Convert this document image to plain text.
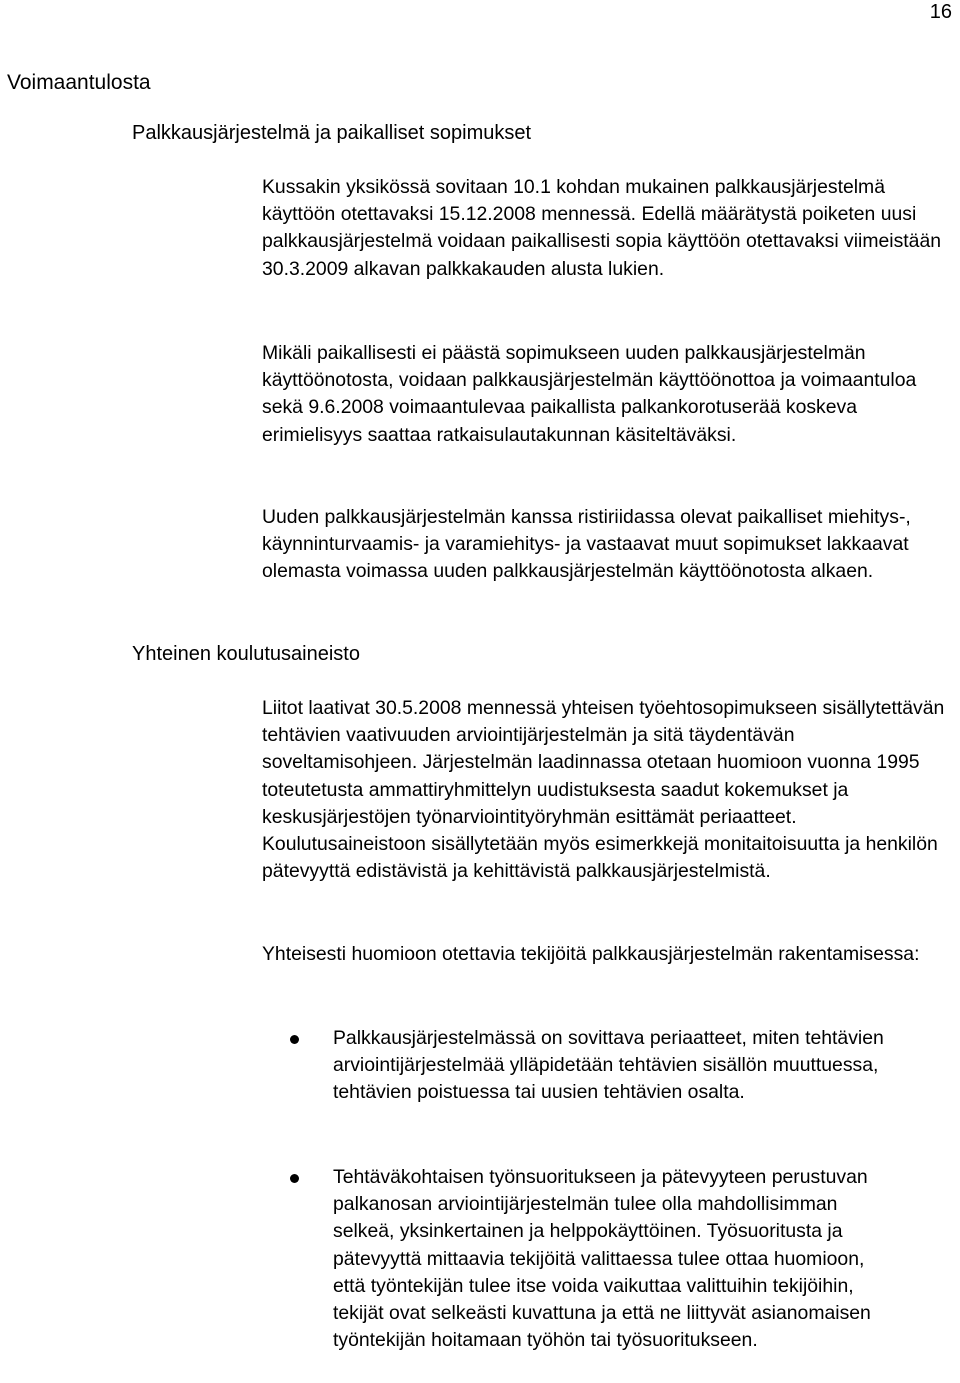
16
Voimaantulosta
Palkkausjärjestelmä ja paikalliset sopimukset

Kussakin yksikössä sovitaan 10.1 kohdan mukainen palkkausjärjestelmä käyttöön otettavaksi 15.12.2008 mennessä. Edellä määrätystä poiketen uusi palkkausjärjestelmä voidaan paikallisesti sopia käyttöön otettavaksi viimeistään 30.3.2009 alkavan palkkakauden alusta lukien.

Mikäli paikallisesti ei päästä sopimukseen uuden palkkausjärjestelmän käyttöönotosta, voidaan palkkausjärjestelmän käyttöönottoa ja voimaantuloa sekä 9.6.2008 voimaantulevaa paikallista palkankorotuserää koskeva erimielisyys saattaa ratkaisulautakunnan käsiteltäväksi.

Uuden palkkausjärjestelmän kanssa ristiriidassa olevat paikalliset miehitys-, käynninturvaamis- ja varamiehitys- ja vastaavat muut sopimukset lakkaavat olemasta voimassa uuden palkkausjärjestelmän käyttöönotosta alkaen.

Yhteinen koulutusaineisto

Liitot laativat 30.5.2008 mennessä yhteisen työehtosopimukseen sisällytettävän tehtävien vaativuuden arviointijärjestelmän ja sitä täydentävän soveltamisohjeen. Järjestelmän laadinnassa otetaan huomioon vuonna 1995 toteutetusta ammattiryhmittelyn uudistuksesta saadut kokemukset ja keskusjärjestöjen työnarviointityöryhmän esittämät periaatteet. Koulutusaineistoon sisällytetään myös esimerkkejä monitaitoisuutta ja henkilön pätevyyttä edistävistä ja kehittävistä palkkausjärjestelmistä.

Yhteisesti huomioon otettavia tekijöitä palkkausjärjestelmän rakentamisessa:

Palkkausjärjestelmässä on sovittava periaatteet, miten tehtävien arviointijärjestelmää ylläpidetään tehtävien sisällön muuttuessa, tehtävien poistuessa tai uusien tehtävien osalta.

Tehtäväkohtaisen työnsuoritukseen ja pätevyyteen perustuvan palkanosan arviointijärjestelmän tulee olla mahdollisimman selkeä, yksinkertainen ja helppokäyttöinen. Työsuoritusta ja pätevyyttä mittaavia tekijöitä valittaessa tulee ottaa huomioon, että työntekijän tulee itse voida vaikuttaa valittuihin tekijöihin, tekijät ovat selkeästi kuvattuna ja että ne liittyvät asianomaisen työntekijän hoitamaan työhön tai työsuoritukseen.
